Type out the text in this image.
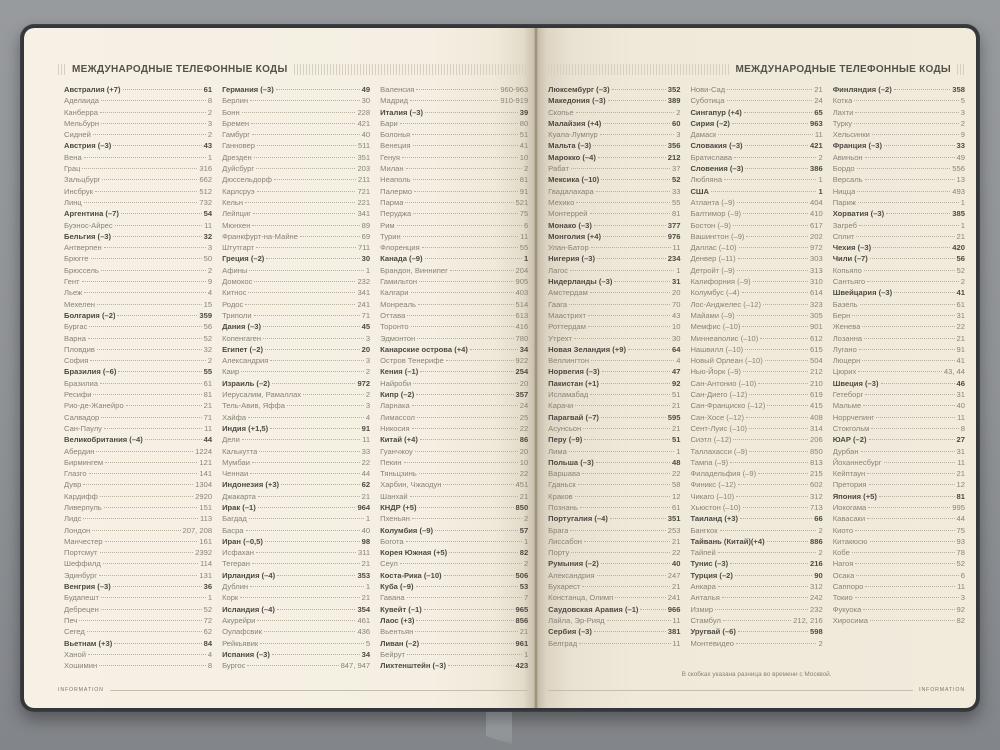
МЕЖДУНАРОДНЫЕ ТЕЛЕФОННЫЕ КОДЫ
Австралия (+7)	61
Аделаида	8
Канберра	2
Мельбурн	3
Сидней	2
Австрия (–3)	43
Вена	1
Грац	316
Зальцбург	662
Инсбрук	512
Линц	732
Аргентина (–7)	54
Буэнос-Айрес	11
Бельгия (–3)	32
Антверпен	3
Брюгге	50
Брюссель	2
Гент	9
Льеж	4
Мехелен	15
Болгария (–2)	359
Бургас	56
Варна	52
Пловдив	32
София	2
Бразилия (–6)	55
Бразилиа	61
Ресифи	81
Рио-де-Жанейро	21
Салвадор	71
Сан-Паулу	11
Великобритания (–4)	44
Абердин	1224
Бирмингем	121
Глазго	141
Дувр	1304
Кардифф	2920
Ливерпуль	151
Лидс	113
Лондон	207, 208
Манчестер	161
Портсмут	2392
Шеффилд	114
Эдинбург	131
Венгрия (–3)	36
Будапешт	1
Дебрецен	52
Печ	72
Сегед	62
Вьетнам (+3)	84
Ханой	4
Хошимин	8
Германия (–3)	49
Берлин	30
Бонн	228
Бремен	421
Гамбург	40
Ганновер	511
Дрезден	351
Дуйсбург	203
Дюссельдорф	211
Карлсруэ	721
Кельн	221
Лейпциг	341
Мюнхен	89
Франкфурт-на-Майне	69
Штутгарт	711
Греция (–2)	30
Афины	1
Домокос	232
Китнос	341
Родос	241
Триполи	71
Дания (–3)	45
Копенгаген	3
Египет (–2)	20
Александрия	3
Каир	2
Израиль (–2)	972
Иерусалим, Рамаллах	2
Тель-Авив, Яффа	3
Хайфа	4
Индия (+1,5)	91
Дели	11
Калькутта	33
Мумбаи	22
Ченнаи	44
Индонезия (+3)	62
Джакарта	21
Ирак (–1)	964
Багдад	1
Басра	40
Иран (–0,5)	98
Исфахан	311
Тегеран	21
Ирландия (–4)	353
Дублин	1
Корк	21
Исландия (–4)	354
Акурейри	461
Оулафсвик	436
Рейкьявик	5
Испания (–3)	34
Бургос	847, 947
Валенсия	960-963
Мадрид	910-919
Италия (–3)	39
Бари	80
Болонья	51
Венеция	41
Генуя	10
Милан	2
Неаполь	81
Палермо	91
Парма	521
Перуджа	75
Рим	6
Турин	11
Флоренция	55
Канада (–9)	1
Брандон, Виннипег	204
Гамильтон	905
Калгари	403
Монреаль	514
Оттава	613
Торонто	416
Эдмонтон	780
Канарские острова (+4)	34
Остров Тенерифе	922
Кения (–1)	254
Найроби	20
Кипр (–2)	357
Ларнака	24
Лимассол	25
Никосия	22
Китай (+4)	86
Гуанчжоу	20
Пекин	10
Тяньцзинь	22
Харбин, Чжаодун	451
Шанхай	21
КНДР (+5)	850
Пхеньян	2
Колумбия (–9)	57
Богота	1
Корея Южная (+5)	82
Сеул	2
Коста-Рика (–10)	506
Куба (–9)	53
Гавана	7
Кувейт (–1)	965
Лаос (+3)	856
Вьентьян	21
Ливан (–2)	961
Бейрут	1
Лихтенштейн (–3)	423
INFORMATION
МЕЖДУНАРОДНЫЕ ТЕЛЕФОННЫЕ КОДЫ
Люксембург (–3)	352
Македония (–3)	389
Скопье	2
Малайзия (+4)	60
Куала-Лумпур	3
Мальта (–3)	356
Марокко (–4)	212
Рабат	37
Мексика (–10)	52
Гвадалахара	33
Мехико	55
Монтеррей	81
Монако (–3)	377
Монголия (+4)	976
Улан-Батор	11
Нигерия (–3)	234
Лагос	1
Нидерланды (–3)	31
Амстердам	20
Гаага	70
Маастрихт	43
Роттердам	10
Утрехт	30
Новая Зеландия (+9)	64
Веллингтон	4
Норвегия (–3)	47
Пакистан (+1)	92
Исламабад	51
Карачи	21
Парагвай (–7)	595
Асунсьон	21
Перу (–9)	51
Лима	1
Польша (–3)	48
Варшава	22
Гданьск	58
Краков	12
Познань	61
Португалия (–4)	351
Брага	253
Лиссабон	21
Порту	22
Румыния (–2)	40
Александрия	247
Бухарест	21
Констанца, Олимп	241
Саудовская Аравия (–1)	966
Лайла, Эр-Рияд	11
Сербия (–3)	381
Белград	11
Нови-Сад	21
Суботица	24
Сингапур (+4)	65
Сирия (–2)	963
Дамаск	11
Словакия (–3)	421
Братислава	2
Словения (–3)	386
Любляна	1
США	1
Атланта (–9)	404
Балтимор (–9)	410
Бостон (–9)	617
Вашингтон (–9)	202
Даллас (–10)	972
Денвер (–11)	303
Детройт (–9)	313
Калифорния (–9)	310
Колумбус (–4)	614
Лос-Анджелес (–12)	323
Майами (–9)	305
Мемфис (–10)	901
Миннеаполис (–10)	612
Нашвилл (–10)	615
Новый Орлеан (–10)	504
Нью-Йорк (–9)	212
Сан-Антонио (–10)	210
Сан-Диего (–12)	619
Сан-Франциско (–12)	415
Сан-Хосе (–12)	408
Сент-Луис (–10)	314
Сиэтл (–12)	206
Таллахасси (–9)	850
Тампа (–9)	813
Филадельфия (–9)	215
Финикс (–12)	602
Чикаго (–10)	312
Хьюстон (–10)	713
Таиланд (+3)	66
Бангкок	2
Тайвань (Китай)(+4)	886
Тайпей	2
Тунис (–3)	216
Турция (–2)	90
Анкара	312
Анталья	242
Измир	232
Стамбул	212, 216
Уругвай (–6)	598
Монтевидео	2
Финляндия (–2)	358
Котка	5
Лахти	3
Турку	2
Хельсинки	9
Франция (–3)	33
Авиньон	49
Бордо	556
Версаль	13
Ницца	493
Париж	1
Хорватия (–3)	385
Загреб	1
Сплит	21
Чехия (–3)	420
Чили (–7)	56
Копьяпо	52
Сантьяго	2
Швейцария (–3)	41
Базель	61
Берн	31
Женева	22
Лозанна	21
Лугано	91
Люцерн	41
Цюрих	43, 44
Швеция (–3)	46
Гетеборг	31
Мальме	40
Норрчепинг	11
Стокгольм	8
ЮАР (–2)	27
Дурбан	31
Йоханнесбург	11
Кейптаун	21
Претория	12
Япония (+5)	81
Иокогама	995
Кавасаки	44
Киото	75
Китакюсю	93
Кобе	78
Нагоя	52
Осака	6
Саппоро	11
Токио	3
Фукуока	92
Хиросима	82
В скобках указана разница во времени с Москвой.
INFORMATION
